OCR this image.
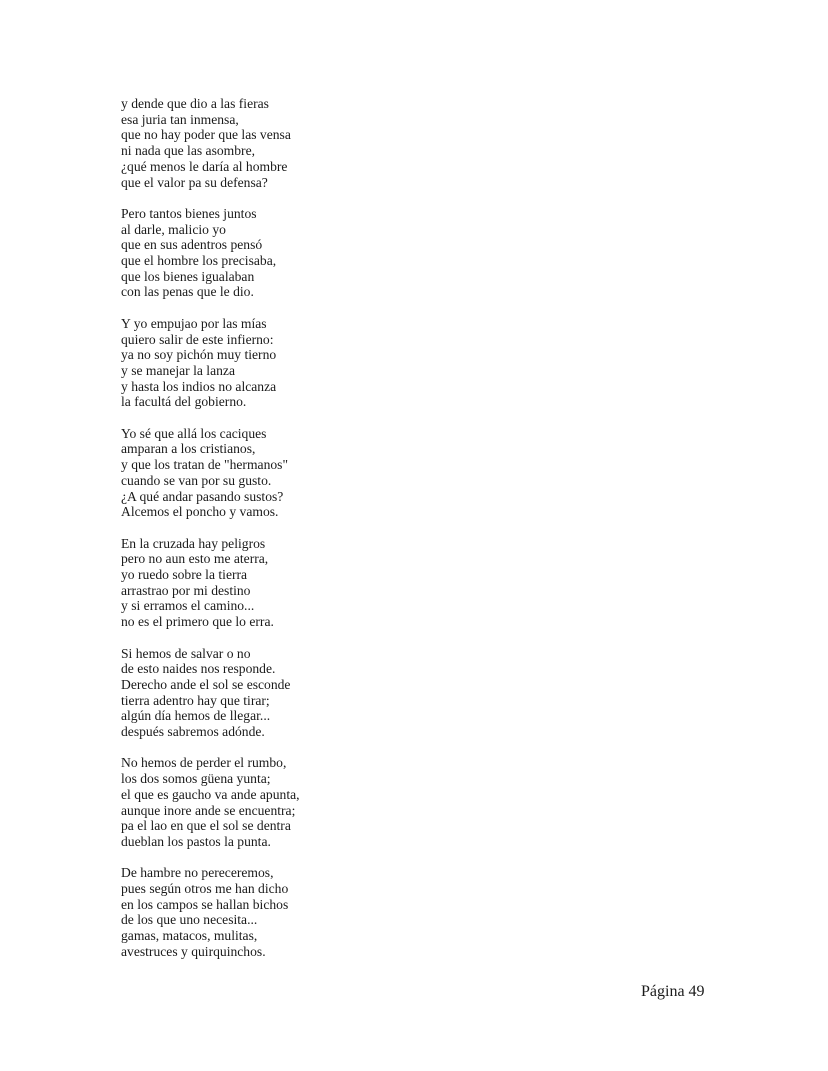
y dende que dio a las fieras
esa juria tan inmensa,
que no hay poder que las vensa
ni nada que las asombre,
¿qué menos le daría al hombre
que el valor pa su defensa?
Pero tantos bienes juntos
al darle, malicio yo
que en sus adentros pensó
que el hombre los precisaba,
que los bienes igualaban
con las penas que le dio.
Y yo empujao por las mías
quiero salir de este infierno:
ya no soy pichón muy tierno
y se manejar la lanza
y hasta los indios no alcanza
la facultá del gobierno.
Yo sé que allá los caciques
amparan a los cristianos,
y que los tratan de "hermanos"
cuando se van por su gusto.
¿A qué andar pasando sustos?
Alcemos el poncho y vamos.
En la cruzada hay peligros
pero no aun esto me aterra,
yo ruedo sobre la tierra
arrastrao por mi destino
y si erramos el camino...
no es el primero que lo erra.
Si hemos de salvar o no
de esto naides nos responde.
Derecho ande el sol se esconde
tierra adentro hay que tirar;
algún día hemos de llegar...
después sabremos adónde.
No hemos de perder el rumbo,
los dos somos güena yunta;
el que es gaucho va ande apunta,
aunque inore ande se encuentra;
pa el lao en que el sol se dentra
dueblan los pastos la punta.
De hambre no pereceremos,
pues según otros me han dicho
en los campos se hallan bichos
de los que uno necesita...
gamas, matacos, mulitas,
avestruces y quirquinchos.
Página 49
